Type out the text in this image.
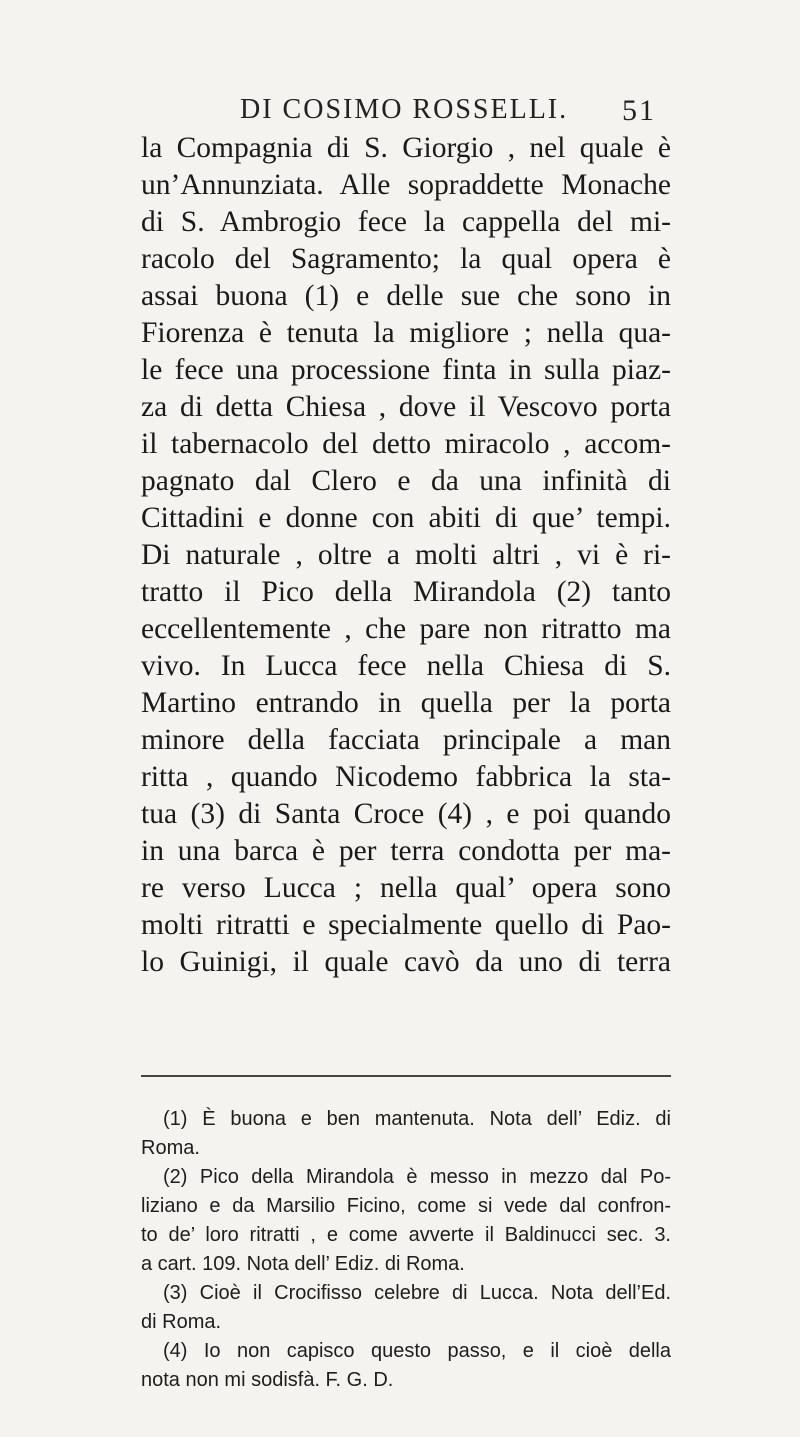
DI COSIMO ROSSELLI. 51
la Compagnia di S. Giorgio , nel quale è
un’Annunziata. Alle sopraddette Monache
di S. Ambrogio fece la cappella del mi-
racolo del Sagramento; la qual opera è
assai buona (1) e delle sue che sono in
Fiorenza è tenuta la migliore ; nella qua-
le fece una processione finta in sulla piaz-
za di detta Chiesa , dove il Vescovo porta
il tabernacolo del detto miracolo , accom-
pagnato dal Clero e da una infinità di
Cittadini e donne con abiti di que’ tempi.
Di naturale , oltre a molti altri , vi è ri-
tratto il Pico della Mirandola (2) tanto
eccellentemente , che pare non ritratto ma
vivo. In Lucca fece nella Chiesa di S.
Martino entrando in quella per la porta
minore della facciata principale a man
ritta , quando Nicodemo fabbrica la sta-
tua (3) di Santa Croce (4) , e poi quando
in una barca è per terra condotta per ma-
re verso Lucca ; nella qual’ opera sono
molti ritratti e specialmente quello di Pao-
lo Guinigi, il quale cavò da uno di terra
(1) È buona e ben mantenuta. Nota dell’ Ediz. di
Roma.
(2) Pico della Mirandola è messo in mezzo dal Po-
liziano e da Marsilio Ficino, come si vede dal confron-
to de’ loro ritratti , e come avverte il Baldinucci sec. 3.
a cart. 109. Nota dell’ Ediz. di Roma.
(3) Cioè il Crocifisso celebre di Lucca. Nota dell’Ed.
di Roma.
(4) Io non capisco questo passo, e il cioè della
nota non mi sodisfà. F. G. D.
